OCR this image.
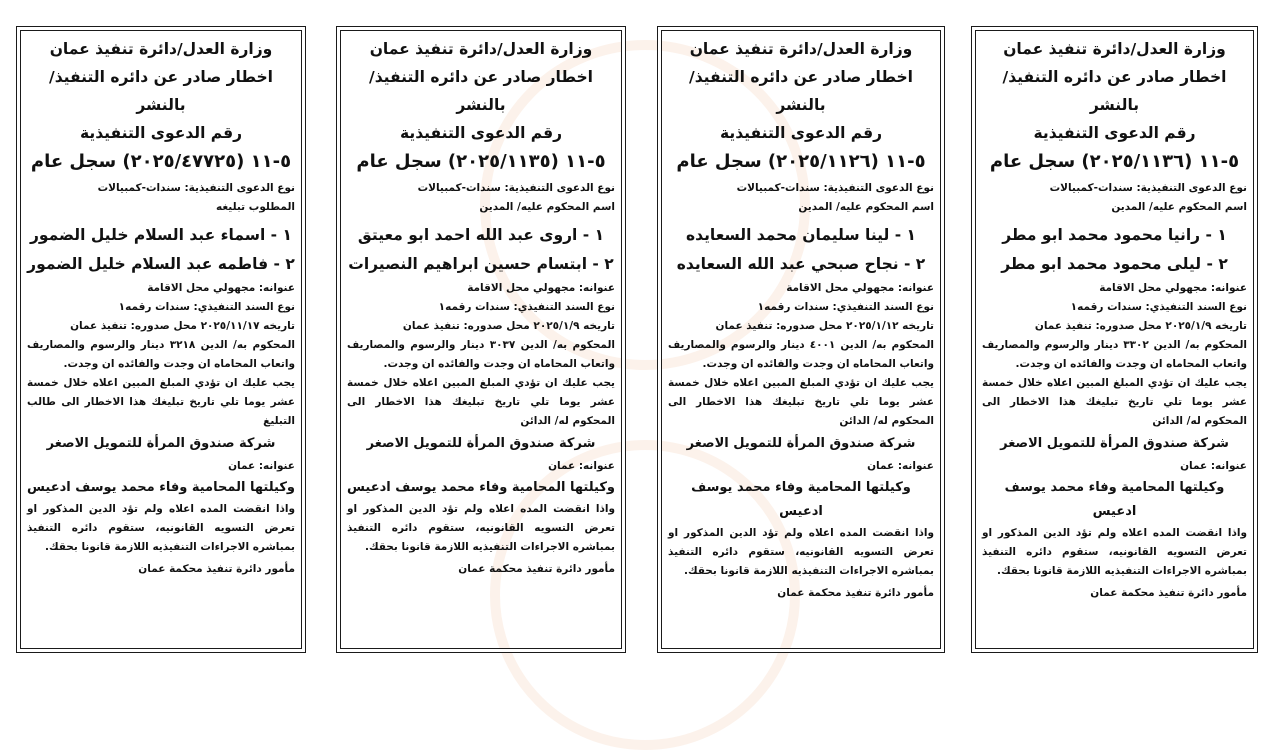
وزارة العدل/دائرة تنفيذ عمان
اخطار صادر عن دائره التنفيذ/ بالنشر
رقم الدعوى التنفيذية
٥-١١ (٢٠٢٥/١١٣٦) سجل عام
نوع الدعوى التنفيذية: سندات-كمبيالات
اسم المحكوم عليه/ المدين
١ - رانيا محمود محمد ابو مطر
٢ - ليلى محمود محمد ابو مطر
عنوانه: مجهولي محل الاقامة
نوع السند التنفيذي: سندات رقمه١
تاريخه ٢٠٢٥/١/٩ محل صدوره: تنفيذ عمان
المحكوم به/ الدين ٣٣٠٢ دينار والرسوم والمصاريف واتعاب المحاماه ان وجدت والفائده ان وجدت.
يجب عليك ان تؤدي المبلغ المبين اعلاه خلال خمسة عشر يوما تلي تاريخ تبليغك هذا الاخطار الى المحكوم له/ الدائن
شركة صندوق المرأة للتمويل الاصغر
عنوانه: عمان
وكيلتها المحامية وفاء محمد يوسف ادعيس
واذا انقضت المده اعلاه ولم تؤد الدين المذكور او تعرض التسويه القانونيه، ستقوم دائره التنفيذ بمباشره الاجراءات التنفيذيه اللازمة قانونا بحقك.
مأمور دائرة تنفيذ محكمة عمان
وزارة العدل/دائرة تنفيذ عمان
اخطار صادر عن دائره التنفيذ/ بالنشر
رقم الدعوى التنفيذية
٥-١١ (٢٠٢٥/١١٢٦) سجل عام
نوع الدعوى التنفيذية: سندات-كمبيالات
اسم المحكوم عليه/ المدين
١ - لينا سليمان محمد السعايده
٢ - نجاح صبحي عبد الله السعايده
عنوانه: مجهولي محل الاقامة
نوع السند التنفيذي: سندات رقمه١
تاريخه ٢٠٢٥/١/١٢ محل صدوره: تنفيذ عمان
المحكوم به/ الدين ٤٠٠١ دينار والرسوم والمصاريف واتعاب المحاماه ان وجدت والفائده ان وجدت.
يجب عليك ان تؤدي المبلغ المبين اعلاه خلال خمسة عشر يوما تلي تاريخ تبليغك هذا الاخطار الى المحكوم له/ الدائن
شركة صندوق المرأة للتمويل الاصغر
عنوانه: عمان
وكيلتها المحامية وفاء محمد يوسف ادعيس
واذا انقضت المده اعلاه ولم تؤد الدين المذكور او تعرض التسويه القانونيه، ستقوم دائره التنفيذ بمباشره الاجراءات التنفيذيه اللازمة قانونا بحقك.
مأمور دائرة تنفيذ محكمة عمان
وزارة العدل/دائرة تنفيذ عمان
اخطار صادر عن دائره التنفيذ/ بالنشر
رقم الدعوى التنفيذية
٥-١١ (٢٠٢٥/١١٣٥) سجل عام
نوع الدعوى التنفيذية: سندات-كمبيالات
اسم المحكوم عليه/ المدين
١ - اروى عبد الله احمد ابو معيتق
٢ - ابتسام حسين ابراهيم النصيرات
عنوانه: مجهولي محل الاقامة
نوع السند التنفيذي: سندات رقمه١
تاريخه ٢٠٢٥/١/٩ محل صدوره: تنفيذ عمان
المحكوم به/ الدين ٣٠٣٧ دينار والرسوم والمصاريف واتعاب المحاماه ان وجدت والفائده ان وجدت.
يجب عليك ان تؤدي المبلغ المبين اعلاه خلال خمسة عشر يوما تلي تاريخ تبليغك هذا الاخطار الى المحكوم له/ الدائن
شركة صندوق المرأة للتمويل الاصغر
عنوانه: عمان
وكيلتها المحامية وفاء محمد يوسف ادعيس
واذا انقضت المده اعلاه ولم تؤد الدين المذكور او تعرض التسويه القانونيه، ستقوم دائره التنفيذ بمباشره الاجراءات التنفيذيه اللازمة قانونا بحقك.
مأمور دائرة تنفيذ محكمة عمان
وزارة العدل/دائرة تنفيذ عمان
اخطار صادر عن دائره التنفيذ/ بالنشر
رقم الدعوى التنفيذية
٥-١١ (٢٠٢٥/٤٧٧٢٥) سجل عام
نوع الدعوى التنفيذية: سندات-كمبيالات
المطلوب تبليغه
١ - اسماء عبد السلام خليل الضمور
٢ - فاطمه عبد السلام خليل الضمور
عنوانه: مجهولي محل الاقامة
نوع السند التنفيذي: سندات رقمه١
تاريخه ٢٠٢٥/١١/١٧ محل صدوره: تنفيذ عمان
المحكوم به/ الدين ٣٢١٨ دينار والرسوم والمصاريف واتعاب المحاماه ان وجدت والفائده ان وجدت.
يجب عليك ان تؤدي المبلغ المبين اعلاه خلال خمسة عشر يوما تلي تاريخ تبليغك هذا الاخطار الى طالب التبليغ
شركة صندوق المرأة للتمويل الاصغر
عنوانه: عمان
وكيلتها المحامية وفاء محمد يوسف ادعيس
واذا انقضت المده اعلاه ولم تؤد الدين المذكور او تعرض التسويه القانونيه، ستقوم دائره التنفيذ بمباشره الاجراءات التنفيذيه اللازمة قانونا بحقك.
مأمور دائرة تنفيذ محكمة عمان
